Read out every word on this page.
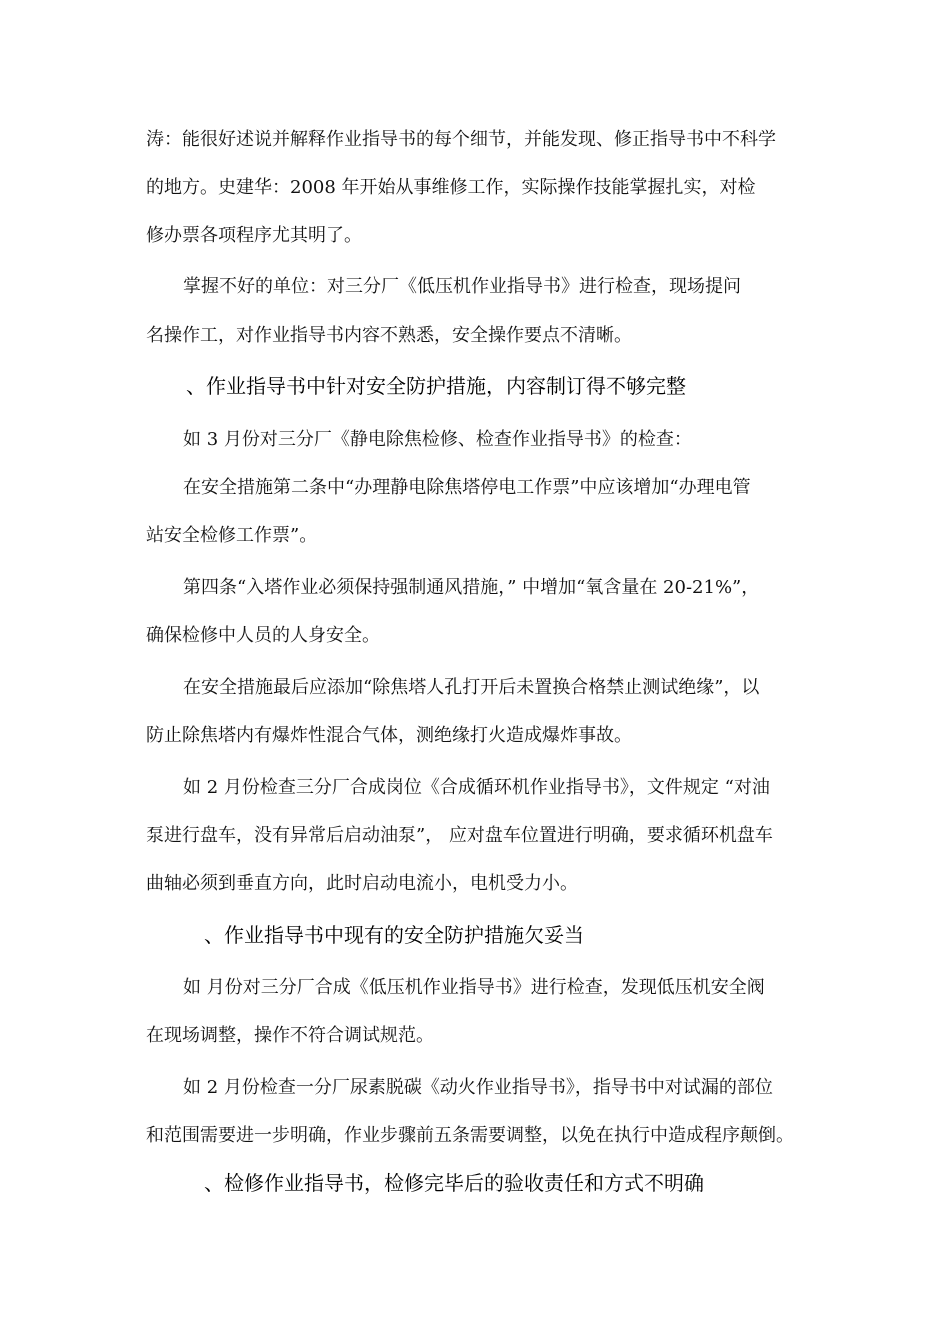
涛：能很好述说并解释作业指导书的每个细节，并能发现、修正指导书中不科学
的地方。史建华：2008 年开始从事维修工作，实际操作技能掌握扎实，对检
修办票各项程序尤其明了。
掌握不好的单位：对三分厂《低压机作业指导书》进行检查，现场提问
名操作工，对作业指导书内容不熟悉，安全操作要点不清晰。
、作业指导书中针对安全防护措施，内容制订得不够完整
如 3 月份对三分厂《静电除焦检修、检查作业指导书》的检查：
在安全措施第二条中“办理静电除焦塔停电工作票”中应该增加“办理电管
站安全检修工作票”。
第四条“入塔作业必须保持强制通风措施，” 中增加“氧含量在 20-21%”，
确保检修中人员的人身安全。
在安全措施最后应添加“除焦塔人孔打开后未置换合格禁止测试绝缘”，以
防止除焦塔内有爆炸性混合气体，测绝缘打火造成爆炸事故。
如 2 月份检查三分厂合成岗位《合成循环机作业指导书》，文件规定 “对油
泵进行盘车，没有异常后启动油泵”， 应对盘车位置进行明确，要求循环机盘车
曲轴必须到垂直方向，此时启动电流小，电机受力小。
、作业指导书中现有的安全防护措施欠妥当
如 月份对三分厂合成《低压机作业指导书》进行检查，发现低压机安全阀
在现场调整，操作不符合调试规范。
如 2 月份检查一分厂尿素脱碳《动火作业指导书》，指导书中对试漏的部位
和范围需要进一步明确，作业步骤前五条需要调整，以免在执行中造成程序颠倒。
、检修作业指导书，检修完毕后的验收责任和方式不明确
